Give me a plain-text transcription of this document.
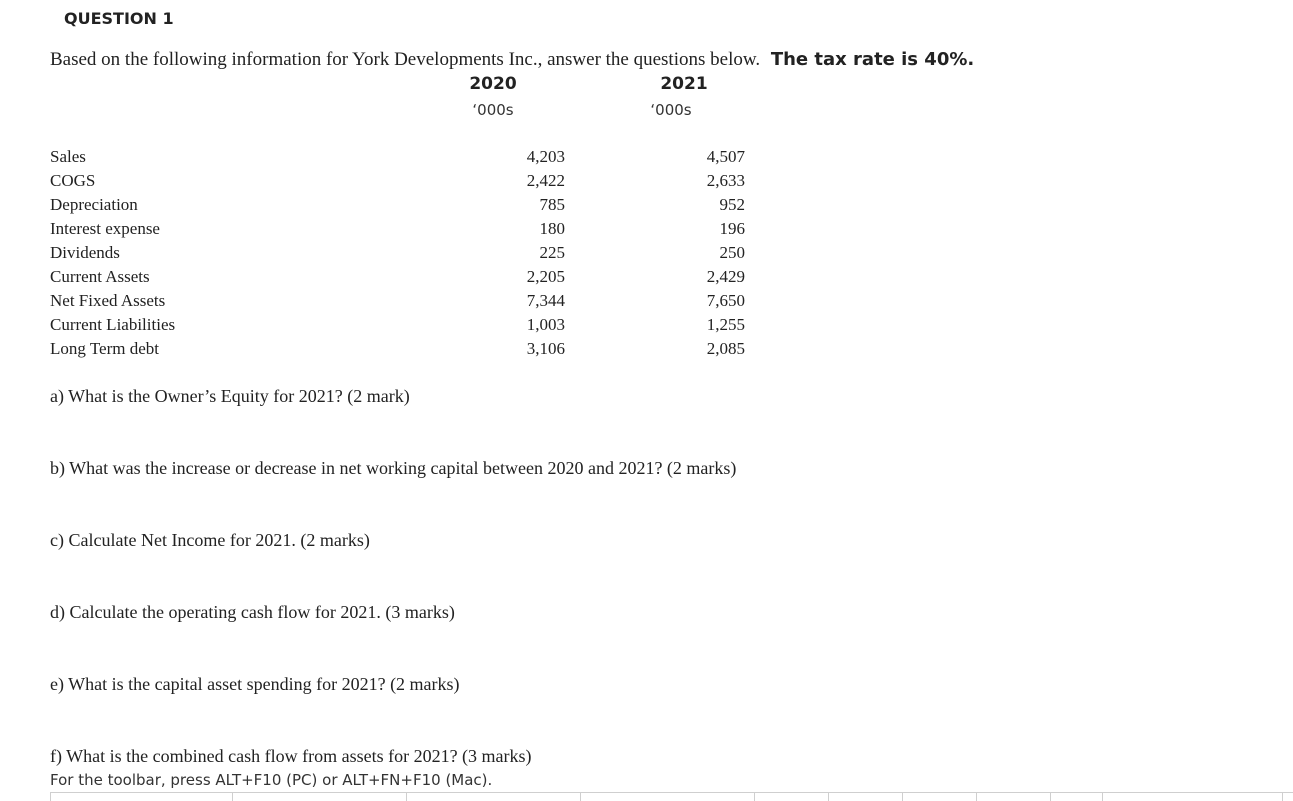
QUESTION 1
Based on the following information for York Developments Inc., answer the questions below. The tax rate is 40%.
2020	2021
‘000s	‘000s
Sales	4,203	4,507
COGS	2,422	2,633
Depreciation	785	952
Interest expense	180	196
Dividends	225	250
Current Assets	2,205	2,429
Net Fixed Assets	7,344	7,650
Current Liabilities	1,003	1,255
Long Term debt	3,106	2,085
a) What is the Owner’s Equity for 2021? (2 mark)
b) What was the increase or decrease in net working capital between 2020 and 2021? (2 marks)
c) Calculate Net Income for 2021. (2 marks)
d) Calculate the operating cash flow for 2021. (3 marks)
e) What is the capital asset spending for 2021? (2 marks)
f) What is the combined cash flow from assets for 2021? (3 marks)
For the toolbar, press ALT+F10 (PC) or ALT+FN+F10 (Mac).
